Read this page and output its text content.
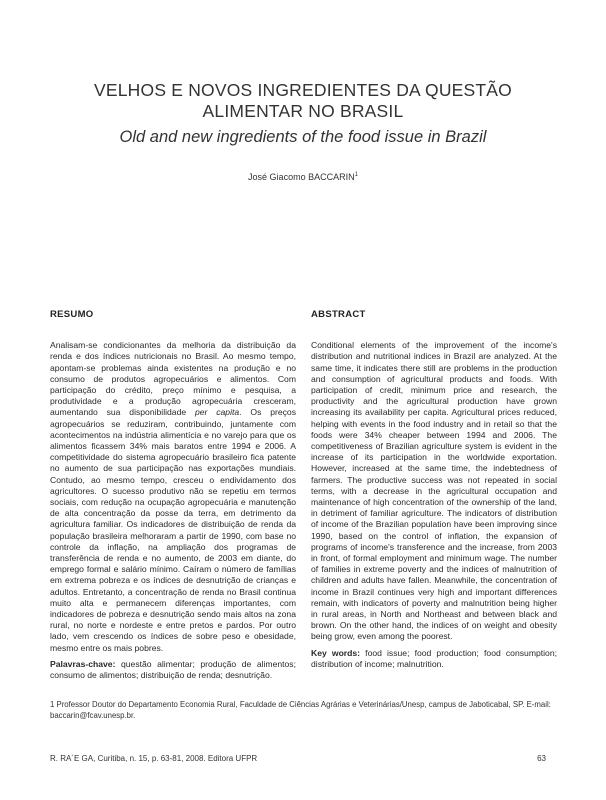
VELHOS E NOVOS INGREDIENTES DA QUESTÃO
ALIMENTAR NO BRASIL
Old and new ingredients of the food issue in Brazil
José Giacomo BACCARIN$^1$
RESUMO

Analisam-se condicionantes da melhoria da distribuição da renda e dos índices nutricionais no Brasil. Ao mesmo tempo, apontam-se problemas ainda existentes na produção e no consumo de produtos agropecuários e alimentos. Com participação do crédito, preço mínimo e pesquisa, a produtividade e a produção agropecuária cresceram, aumentando sua disponibilidade per capita. Os preços agropecuários se reduziram, contribuindo, juntamente com acontecimentos na indústria alimentícia e no varejo para que os alimentos ficassem 34% mais baratos entre 1994 e 2006. A competitividade do sistema agropecuário brasileiro fica patente no aumento de sua participação nas exportações mundiais. Contudo, ao mesmo tempo, cresceu o endividamento dos agricultores. O sucesso produtivo não se repetiu em termos sociais, com redução na ocupação agropecuária e manutenção de alta concentração da posse da terra, em detrimento da agricultura familiar. Os indicadores de distribuição de renda da população brasileira melhoraram a partir de 1990, com base no controle da inflação, na ampliação dos programas de transferência de renda e no aumento, de 2003 em diante, do emprego formal e salário mínimo. Caíram o número de famílias em extrema pobreza e os índices de desnutrição de crianças e adultos. Entretanto, a concentração de renda no Brasil continua muito alta e permanecem diferenças importantes, com indicadores de pobreza e desnutrição sendo mais altos na zona rural, no norte e nordeste e entre pretos e pardos. Por outro lado, vem crescendo os índices de sobre peso e obesidade, mesmo entre os mais pobres.

Palavras-chave: questão alimentar; produção de alimentos; consumo de alimentos; distribuição de renda; desnutrição.

ABSTRACT

Conditional elements of the improvement of the income's distribution and nutritional indices in Brazil are analyzed. At the same time, it indicates there still are problems in the production and consumption of agricultural products and foods. With participation of credit, minimum price and research, the productivity and the agricultural production have grown increasing its availability per capita. Agricultural prices reduced, helping with events in the food industry and in retail so that the foods were 34% cheaper between 1994 and 2006. The competitiveness of Brazilian agriculture system is evident in the increase of its participation in the worldwide exportation. However, increased at the same time, the indebtedness of farmers. The productive success was not repeated in social terms, with a decrease in the agricultural occupation and maintenance of high concentration of the ownership of the land, in detriment of familiar agriculture. The indicators of distribution of income of the Brazilian population have been improving since 1990, based on the control of inflation, the expansion of programs of income's transference and the increase, from 2003 in front, of formal employment and minimum wage. The number of families in extreme poverty and the indices of malnutrition of children and adults have fallen. Meanwhile, the concentration of income in Brazil continues very high and important differences remain, with indicators of poverty and malnutrition being higher in rural areas, in North and Northeast and between black and brown. On the other hand, the indices of on weight and obesity being grow, even among the poorest.

Key words: food issue; food production; food consumption; distribution of income; malnutrition.

1 Professor Doutor do Departamento Economia Rural, Faculdade de Ciências Agrárias e Veterinárias/Unesp, campus de Jaboticabal, SP. E-mail: baccarin@fcav.unesp.br.
R. RA´E GA, Curitiba, n. 15, p. 63-81, 2008. Editora UFPR	63
